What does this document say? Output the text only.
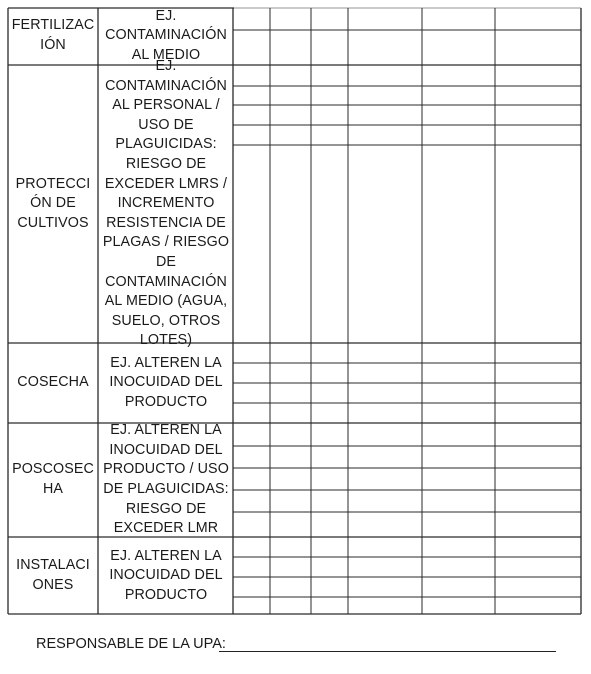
FERTILIZAC
IÓN
EJ.
CONTAMINACIÓN
AL MEDIO
PROTECCI
ÓN DE
CULTIVOS
EJ.
CONTAMINACIÓN
AL PERSONAL /
USO DE
PLAGUICIDAS:
RIESGO DE
EXCEDER LMRS /
INCREMENTO
RESISTENCIA DE
PLAGAS / RIESGO
DE
CONTAMINACIÓN
AL MEDIO (AGUA,
SUELO, OTROS
LOTES)
COSECHA
EJ. ALTEREN LA
INOCUIDAD DEL
PRODUCTO
POSCOSEC
HA
EJ. ALTEREN LA
INOCUIDAD DEL
PRODUCTO / USO
DE PLAGUICIDAS:
RIESGO DE
EXCEDER LMR
INSTALACI
ONES
EJ. ALTEREN LA
INOCUIDAD DEL
PRODUCTO
RESPONSABLE DE LA UPA:
